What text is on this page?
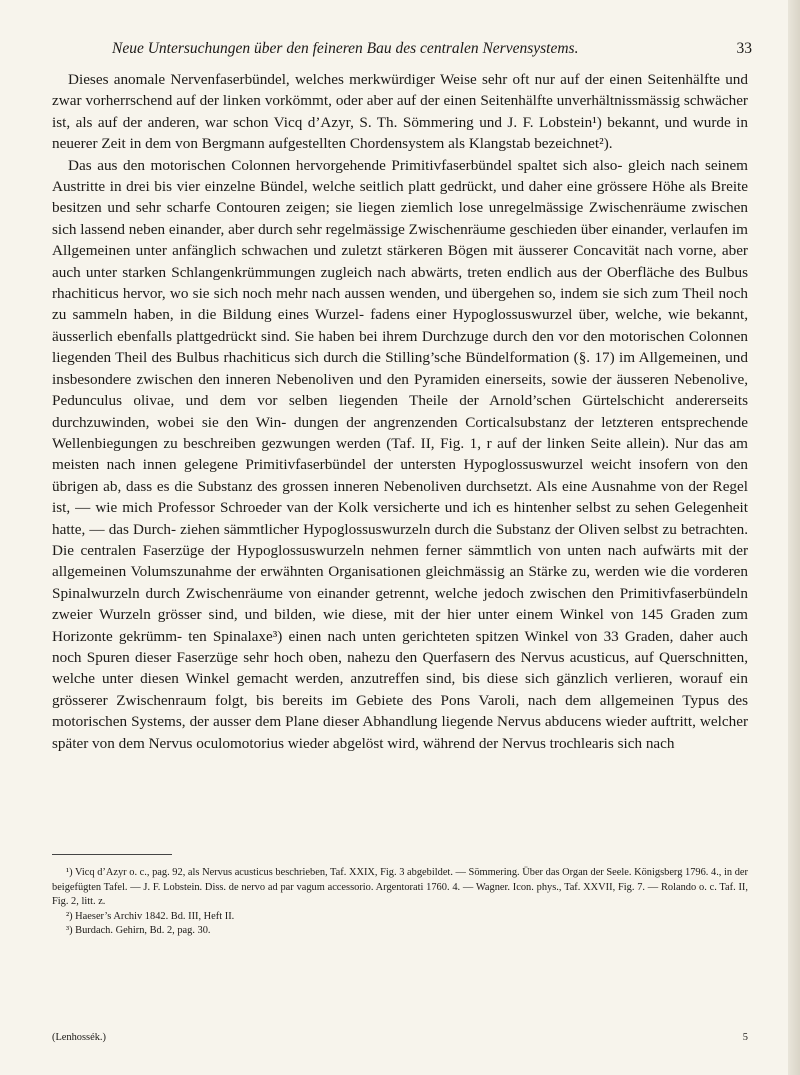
Neue Untersuchungen über den feineren Bau des centralen Nervensystems.	33

Dieses anomale Nervenfaserbündel, welches merkwürdiger Weise sehr oft nur auf der einen Seitenhälfte und zwar vorherrschend auf der linken vorkömmt, oder aber auf der einen Seitenhälfte unverhältnissmässig schwächer ist, als auf der anderen, war schon Vicq d’Azyr, S. Th. Sömmering und J. F. Lobstein¹) bekannt, und wurde in neuerer Zeit in dem von Bergmann aufgestellten Chordensystem als Klangstab bezeichnet²).

Das aus den motorischen Colonnen hervorgehende Primitivfaserbündel spaltet sich also- gleich nach seinem Austritte in drei bis vier einzelne Bündel, welche seitlich platt gedrückt, und daher eine grössere Höhe als Breite besitzen und sehr scharfe Contouren zeigen; sie liegen ziemlich lose unregelmässige Zwischenräume zwischen sich lassend neben einander, aber durch sehr regelmässige Zwischenräume geschieden über einander, verlaufen im Allgemeinen unter anfänglich schwachen und zuletzt stärkeren Bögen mit äusserer Concavität nach vorne, aber auch unter starken Schlangenkrümmungen zugleich nach abwärts, treten endlich aus der Oberfläche des Bulbus rhachiticus hervor, wo sie sich noch mehr nach aussen wenden, und übergehen so, indem sie sich zum Theil noch zu sammeln haben, in die Bildung eines Wurzel- fadens einer Hypoglossuswurzel über, welche, wie bekannt, äusserlich ebenfalls plattgedrückt sind. Sie haben bei ihrem Durchzuge durch den vor den motorischen Colonnen liegenden Theil des Bulbus rhachiticus sich durch die Stilling’sche Bündelformation (§. 17) im Allgemeinen, und insbesondere zwischen den inneren Nebenoliven und den Pyramiden einerseits, sowie der äusseren Nebenolive, Pedunculus olivae, und dem vor selben liegenden Theile der Arnold’schen Gürtelschicht andererseits durchzuwinden, wobei sie den Win- dungen der angrenzenden Corticalsubstanz der letzteren entsprechende Wellenbiegungen zu beschreiben gezwungen werden (Taf. II, Fig. 1, r auf der linken Seite allein). Nur das am meisten nach innen gelegene Primitivfaserbündel der untersten Hypoglossuswurzel weicht insofern von den übrigen ab, dass es die Substanz des grossen inneren Nebenoliven durchsetzt. Als eine Ausnahme von der Regel ist, — wie mich Professor Schroeder van der Kolk versicherte und ich es hintenher selbst zu sehen Gelegenheit hatte, — das Durch- ziehen sämmtlicher Hypoglossuswurzeln durch die Substanz der Oliven selbst zu betrachten. Die centralen Faserzüge der Hypoglossuswurzeln nehmen ferner sämmtlich von unten nach aufwärts mit der allgemeinen Volumszunahme der erwähnten Organisationen gleichmässig an Stärke zu, werden wie die vorderen Spinalwurzeln durch Zwischenräume von einander getrennt, welche jedoch zwischen den Primitivfaserbündeln zweier Wurzeln grösser sind, und bilden, wie diese, mit der hier unter einem Winkel von 145 Graden zum Horizonte gekrümm- ten Spinalaxe³) einen nach unten gerichteten spitzen Winkel von 33 Graden, daher auch noch Spuren dieser Faserzüge sehr hoch oben, nahezu den Querfasern des Nervus acusticus, auf Querschnitten, welche unter diesen Winkel gemacht werden, anzutreffen sind, bis diese sich gänzlich verlieren, worauf ein grösserer Zwischenraum folgt, bis bereits im Gebiete des Pons Varoli, nach dem allgemeinen Typus des motorischen Systems, der ausser dem Plane dieser Abhandlung liegende Nervus abducens wieder auftritt, welcher später von dem Nervus oculomotorius wieder abgelöst wird, während der Nervus trochlearis sich nach

¹) Vicq d’Azyr o. c., pag. 92, als Nervus acusticus beschrieben, Taf. XXIX, Fig. 3 abgebildet. — Sömmering. Über das Organ der Seele. Königsberg 1796. 4., in der beigefügten Tafel. — J. F. Lobstein. Diss. de nervo ad par vagum accessorio. Argentorati 1760. 4. — Wagner. Icon. phys., Taf. XXVII, Fig. 7. — Rolando o. c. Taf. II, Fig. 2, litt. z.

²) Haeser’s Archiv 1842. Bd. III, Heft II.

³) Burdach. Gehirn, Bd. 2, pag. 30.

(Lenhossék.)	5
